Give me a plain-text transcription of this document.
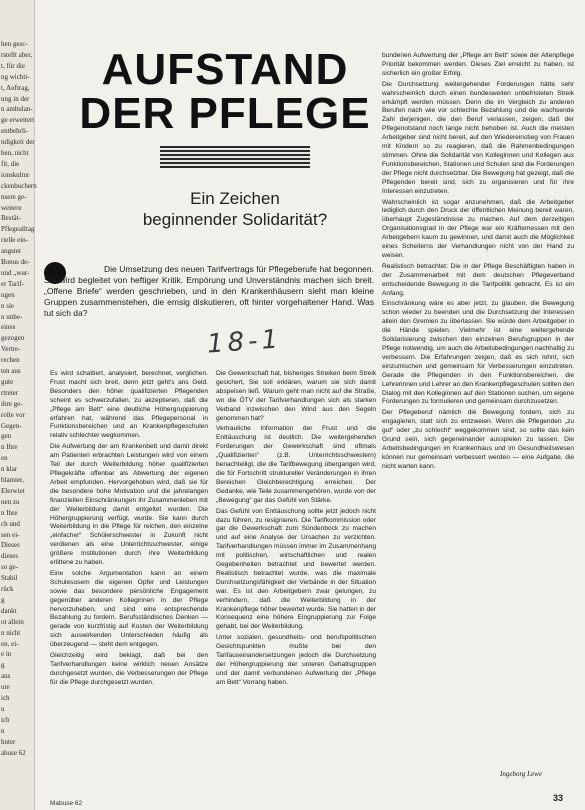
hen gesc-
rstellt aber,
t, für die
ng wichti-
t, Auftrag,
ung in der
n ambulan-
ge erweitert
entbehrli-
ndigkeit der
ben, nicht
fit, die
ionskultur
ckenbuchern
nsere ge-
weitere
Bestät-
Pflegealltag
rielle ein-
angstet
Bonus de-
und „wur-
er Tarif-
ngen
n sie
n unbe-
eines
gezogen
Vertre-
rechen
ten aus
gute
rtreter
ihre ge-
rolle vor
Gegen-
gen
n Ihre
en
n klar
blamier,
Elerwiet
nen zu
n Ihre
ch und
sen ei-
Dieses
dieses
so ge-
Stabil
rück
g
dankt
ot allein
n nicht
en, ei-
e in
g
ans
ute
ich
u
ich
n
hnter
abuse 62
AUFSTAND
DER PFLEGE
Ein Zeichen
beginnender Solidarität?

Die Umsetzung des neuen Tarifvertrags für Pflegeberufe hat begonnen. Sie wird begleitet von heftiger Kritik. Empörung und Unverständnis machen sich breit. „Offene Briefe“ werden geschrieben, und in den Krankenhäusern sieht man kleine Gruppen zusammenstehen, die emsig diskutieren, oft hinter vorgehaltener Hand. Was tut sich da?

18-1

Es wird schattiert, analysiert, berechnet, verglichen. Frust macht sich breit, denn jetzt geht's ans Geld. Besonders den höher qualifizierten Pflegenden scheint es schwerzufallen, zu akzeptieren, daß die „Pflege am Bett“ eine deutliche Höhergruppierung erfahren hat, während das Pflegepersonal in Funktionsbereichen und an Krankenpflegeschulen relativ schlechter wegkommen.

Die Aufwertung der am Krankenbett und damit direkt am Patienten erbrachten Leistungen wird von einem Teil der durch Weiterbildung höher qualifizierten Pflegekräfte offenbar als Abwertung der eigenen Arbeit empfunden. Hervorgehoben wird, daß sie für die besondere hohe Motivation und die jahrelangen finanziellen Einschränkungen ihr Zusammenleben mit der Weiterbildung damit entgeltet wurden. Die Höhergruppierung verfügt, wurde. Sie kann durch Weiterbildung in die Pflege für reichen, den einzelne „einfacher“ Schülerschwester in Zukunft nicht verdienen als eine Unterrichtsschwester, einige größere Institutionen durch ihre Weiterbildung erlittene zu haben.

Eine solche Argumentation kann an einem Schulesosem die eigenen Opfer und Leistungen sowie das besondere persönliche Engagement gegenüber anderen Kolleginnen in der Pflege hervorzuheben, und sind eine entsprechende Bezahlung zu fordern. Berufsständisches Denken — gerade von kurzfristig auf Kosten der Weiterbildung sich auswirkenden Unterschieden häufig als überzeugend — steht dem entgegen.

Gleichzeitig wird beklagt, daß bei den Tarifverhandlungen keine wirklich neuen Ansätze durchgesetzt wurden, die Verbesserungen der Pflege für die Pflege durchgesetzt wurden.

Die Gewerkschaft hat, bisheriges Streiken beim Streik gesichert, Sie soll erklären, warum sie sich damit abspeisen ließ. Warum geht man nicht auf die Straße, wo die ÖTV der Tarifverhandlungen sich als starken Verband inzwischen den Wind aus den Segeln genommen hat?

Vertrauliche Information der Frust und die Enttäuschung ist deutlich. Die weitergehenden Forderungen der Gewerkschaft sind oftmals „Qualifizierten“ (z.B. Unterrichtsschwestern) benachteiligt, die die Tarifbewegung übergangen wird, die für Fortschritt struktureller Veränderungen in ihren Bereichen Gleichberechtigung erreichen. Der Gedanke, wie Teile zusammengehören, wurde von der „Bewegung“ gar das Gefühl von Stärke.

Das Gefühl von Enttäuschung sollte jetzt jedoch nicht dazu führen, zu resignieren. Die Tarifkommission oder gar die Gewerkschaft zum Sündenbock zu machen und auf eine Analyse der Ursachen zu verzichten. Tarifverhandlungen müssen immer im Zusammenhang mit politischen, wirtschaftlichen und realen Gegebenheiten betrachtet und bewertet werden. Realistisch betrachtet wurde, was die maximale Durchsetzungsfähigkeit der Verbände in der Situation war. Es ist den Arbeitgebern zwar gelungen, zu verhindern, daß die Weiterbildung in der Krankenpflege höher bewertet wurde. Sie hatten in der Konsequenz eine höhere Eingruppierung zur Folge gehabt, bei der Weiterbildung.

Unter sozialen, gesundheits- und berufspolitischen Gesichtspunkten mußte bei den Tarifauseinandersetzungen jedoch die Durchsetzung der Höhergruppierung der unteren Gehaltsgruppen und der damit verbundenen Aufwertung der „Pflege am Bett“ Vorrang haben.

bundenen Aufwertung der „Pflege am Bett“ sowie der Altenpflege Priorität bekommen werden. Dieses Ziel erreicht zu haben, ist sicherlich ein großer Erfolg.

Die Durchsetzung weitergehender Forderungen hätte sehr wahrscheinlich durch einen bundesweiten unbefristeten Streik erkämpft werden müssen. Denn die im Vergleich zu anderen Berufen nach wie vor schlechte Bezahlung und die wachsende Zahl derjenigen, die den Beruf verlassen, zeigen, daß der Pflegenotstand noch lange nicht behoben ist. Auch die meisten Arbeitgeber sind nicht bereit, auf den Wiedereinstieg von Frauen mit Kindern so zu reagieren, daß die Rahmenbedingungen stimmen. Ohne die Solidarität von Kolleginnen und Kollegen aus Funktionsbereichen, Stationen und Schulen sind die Forderungen der Pflege nicht durchsetzbar. Die Bewegung hat gezeigt, daß die Pflegenden bereit sind, sich zu organisieren und für ihre Interessen einzutreten.

Wahrscheinlich ist sogar anzunehmen, daß die Arbeitgeber lediglich durch den Druck der öffentlichen Meinung bereit waren, überhaupt Zugeständnisse zu machen. Auf dem derzeitigen Organisationsgrad in der Pflege war ein Kräftemessen mit den Arbeitgebern kaum zu gewinnen, und damit auch die Möglichkeit eines Scheiterns der Verhandlungen nicht von der Hand zu weisen.

Realistisch betrachtet: Die in der Pflege Beschäftigten haben in der Zusammenarbeit mit dem deutschen Pflegeverband entscheidende Bewegung in die Tarifpolitik gebracht. Es ist ein Anfang.

Einschränkung wäre es aber jetzt, zu glauben, die Bewegung schon wieder zu beenden und die Durchsetzung der Interessen allein den Gremien zu überlassen. Sie würde dem Arbeitgeber in die Hände spielen. Vielmehr ist eine weitergehende Solidarisierung zwischen den einzelnen Berufsgruppen in der Pflege notwendig, um auch die Arbeitsbedingungen nachhaltig zu verbessern. Die Erfahrungen zeigen, daß es sich lohnt, sich einzumischen und gemeinsam für Verbesserungen einzutreten. Gerade die Pflegenden in den Funktionsbereichen, die Lehrerinnen und Lehrer an den Krankenpflegeschulen sollten den Dialog mit den Kolleginnen auf den Stationen suchen, um eigene Forderungen zu formulieren und gemeinsam durchzusetzen.

Der Pflegeberuf nämlich die Bewegung fordern, sich zu engagieren, statt sich zu entzweien. Wenn die Pflegenden „zu gut“ oder „zu schlecht“ weggekommen sind, so sollte das kein Grund sein, sich gegeneinander ausspielen zu lassen. Die Arbeitsbedingungen im Krankenhaus und im Gesundheitswesen können nur gemeinsam verbessert werden — eine Aufgabe, die nicht warten kann.

Ingeborg Lewe
Mabuse 62
33
